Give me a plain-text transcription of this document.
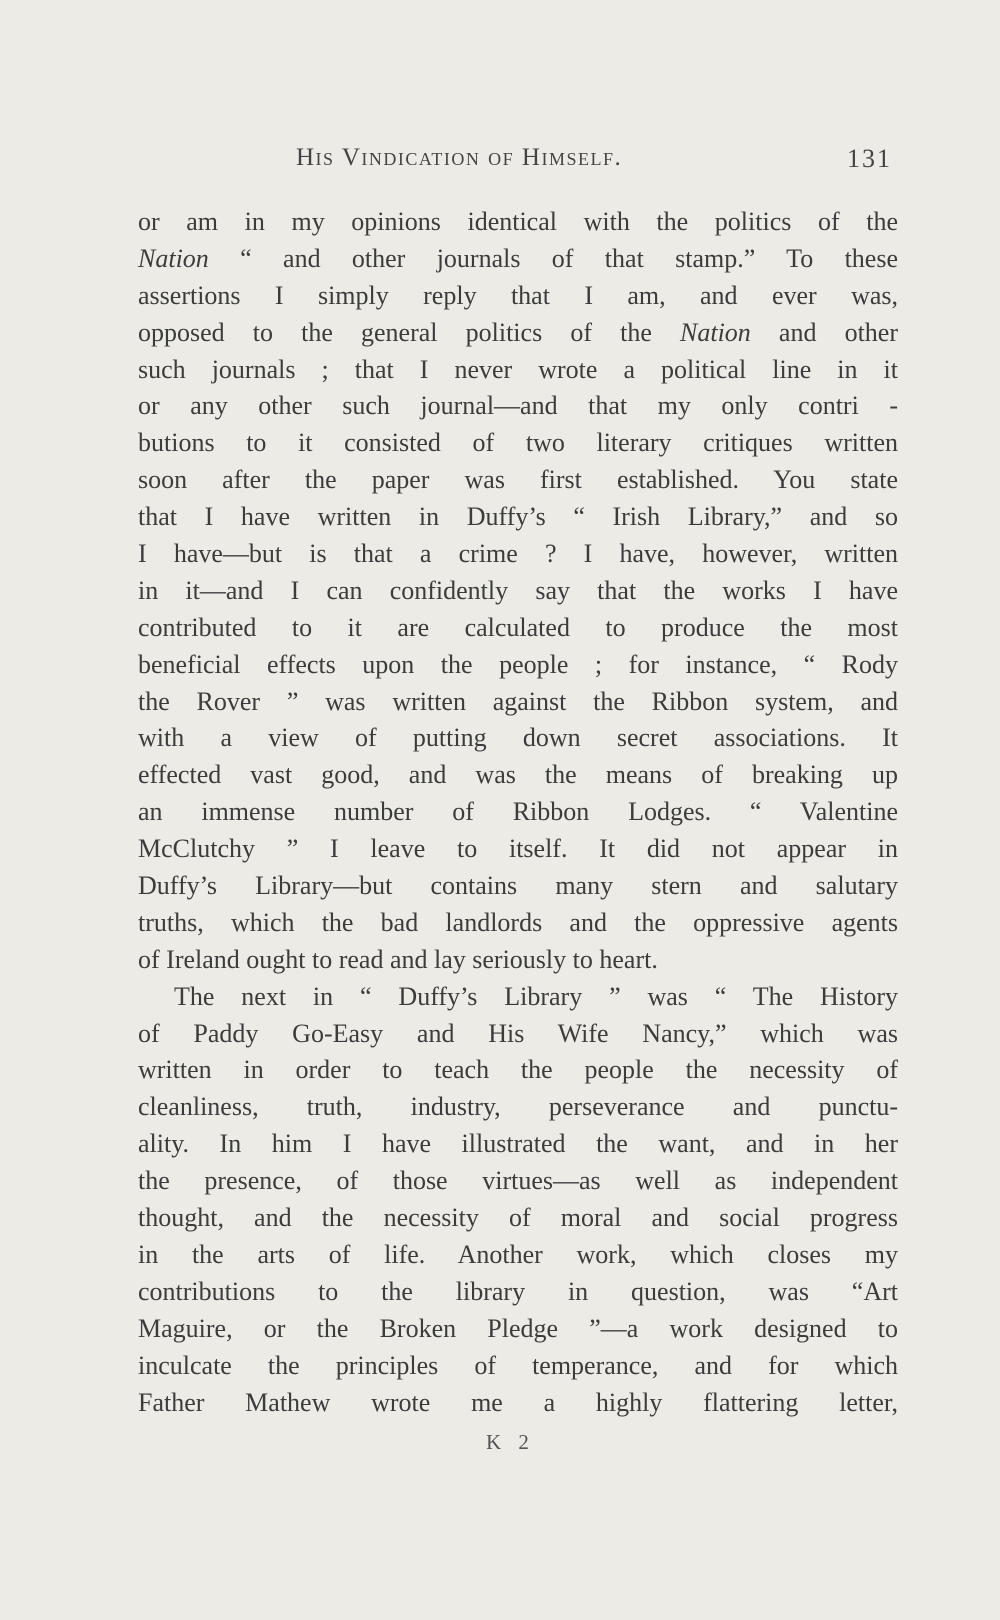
His Vindication of Himself.	131
or am in my opinions identical with the politics of the
Nation “ and other journals of that stamp.” To these
assertions I simply reply that I am, and ever was,
opposed to the general politics of the Nation and other
such journals ; that I never wrote a political line in it
or any other such journal—and that my only contri -
butions to it consisted of two literary critiques written
soon after the paper was first established. You state
that I have written in Duffy’s “ Irish Library,” and so
I have—but is that a crime ? I have, however, written
in it—and I can confidently say that the works I have
contributed to it are calculated to produce the most
beneficial effects upon the people ; for instance, “ Rody
the Rover ” was written against the Ribbon system, and
with a view of putting down secret associations. It
effected vast good, and was the means of breaking up
an immense number of Ribbon Lodges. “ Valentine
McClutchy ” I leave to itself. It did not appear in
Duffy’s Library—but contains many stern and salutary
truths, which the bad landlords and the oppressive agents
of Ireland ought to read and lay seriously to heart.
The next in “ Duffy’s Library ” was “ The History
of Paddy Go-Easy and His Wife Nancy,” which was
written in order to teach the people the necessity of
cleanliness, truth, industry, perseverance and punctu-
ality. In him I have illustrated the want, and in her
the presence, of those virtues—as well as independent
thought, and the necessity of moral and social progress
in the arts of life. Another work, which closes my
contributions to the library in question, was “Art
Maguire, or the Broken Pledge ”—a work designed to
inculcate the principles of temperance, and for which
Father Mathew wrote me a highly flattering letter,
K 2
